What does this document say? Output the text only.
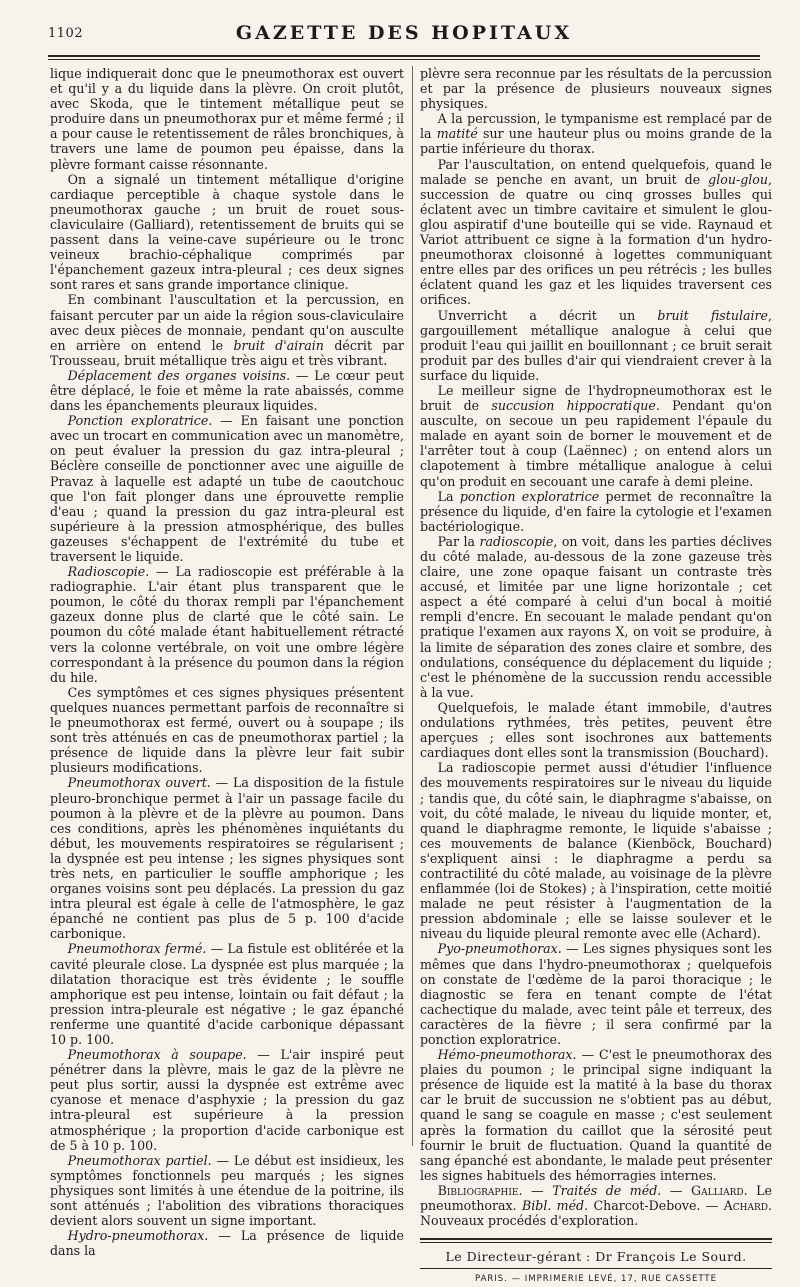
1102	GAZETTE DES HOPITAUX

lique indiquerait donc que le pneumothorax est ouvert et qu'il y a du liquide dans la plèvre. On croit plutôt, avec Skoda, que le tintement métallique peut se produire dans un pneumothorax pur et même fermé ; il a pour cause le retentissement de râles bronchiques, à travers une lame de poumon peu épaisse, dans la plèvre formant caisse résonnante.

On a signalé un tintement métallique d'origine cardiaque perceptible à chaque systole dans le pneumothorax gauche ; un bruit de rouet sous-claviculaire (Galliard), retentissement de bruits qui se passent dans la veine-cave supérieure ou le tronc veineux brachio-céphalique comprimés par l'épanchement gazeux intra-pleural ; ces deux signes sont rares et sans grande importance clinique.

En combinant l'auscultation et la percussion, en faisant percuter par un aide la région sous-claviculaire avec deux pièces de monnaie, pendant qu'on ausculte en arrière on entend le bruit d'airain décrit par Trousseau, bruit métallique très aigu et très vibrant.

Déplacement des organes voisins. — Le cœur peut être déplacé, le foie et même la rate abaissés, comme dans les épanchements pleuraux liquides.

Ponction exploratrice. — En faisant une ponction avec un trocart en communication avec un manomètre, on peut évaluer la pression du gaz intra-pleural ; Béclère conseille de ponctionner avec une aiguille de Pravaz à laquelle est adapté un tube de caoutchouc que l'on fait plonger dans une éprouvette remplie d'eau ; quand la pression du gaz intra-pleural est supérieure à la pression atmosphérique, des bulles gazeuses s'échappent de l'extrémité du tube et traversent le liquide.

Radioscopie. — La radioscopie est préférable à la radiographie. L'air étant plus transparent que le poumon, le côté du thorax rempli par l'épanchement gazeux donne plus de clarté que le côté sain. Le poumon du côté malade étant habituellement rétracté vers la colonne vertébrale, on voit une ombre légère correspondant à la présence du poumon dans la région du hile.

Ces symptômes et ces signes physiques présentent quelques nuances permettant parfois de reconnaître si le pneumothorax est fermé, ouvert ou à soupape ; ils sont très atténués en cas de pneumothorax partiel ; la présence de liquide dans la plèvre leur fait subir plusieurs modifications.

Pneumothorax ouvert. — La disposition de la fistule pleuro-bronchique permet à l'air un passage facile du poumon à la plèvre et de la plèvre au poumon. Dans ces conditions, après les phénomènes inquiétants du début, les mouvements respiratoires se régularisent ; la dyspnée est peu intense ; les signes physiques sont très nets, en particulier le souffle amphorique ; les organes voisins sont peu déplacés. La pression du gaz intra pleural est égale à celle de l'atmosphère, le gaz épanché ne contient pas plus de 5 p. 100 d'acide carbonique.

Pneumothorax fermé. — La fistule est oblitérée et la cavité pleurale close. La dyspnée est plus marquée ; la dilatation thoracique est très évidente ; le souffle amphorique est peu intense, lointain ou fait défaut ; la pression intra-pleurale est négative ; le gaz épanché renferme une quantité d'acide carbonique dépassant 10 p. 100.

Pneumothorax à soupape. — L'air inspiré peut pénétrer dans la plèvre, mais le gaz de la plèvre ne peut plus sortir, aussi la dyspnée est extrême avec cyanose et menace d'asphyxie ; la pression du gaz intra-pleural est supérieure à la pression atmosphérique ; la proportion d'acide carbonique est de 5 à 10 p. 100.

Pneumothorax partiel. — Le début est insidieux, les symptômes fonctionnels peu marqués ; les signes physiques sont limités à une étendue de la poitrine, ils sont atténués ; l'abolition des vibrations thoraciques devient alors souvent un signe important.

Hydro-pneumothorax. — La présence de liquide dans la

plèvre sera reconnue par les résultats de la percussion et par la présence de plusieurs nouveaux signes physiques.

A la percussion, le tympanisme est remplacé par de la matité sur une hauteur plus ou moins grande de la partie inférieure du thorax.

Par l'auscultation, on entend quelquefois, quand le malade se penche en avant, un bruit de glou-glou, succession de quatre ou cinq grosses bulles qui éclatent avec un timbre cavitaire et simulent le glou-glou aspiratif d'une bouteille qui se vide. Raynaud et Variot attribuent ce signe à la formation d'un hydro-pneumothorax cloisonné à logettes communiquant entre elles par des orifices un peu rétrécis ; les bulles éclatent quand les gaz et les liquides traversent ces orifices.

Unverricht a décrit un bruit fistulaire, gargouillement métallique analogue à celui que produit l'eau qui jaillit en bouillonnant ; ce bruit serait produit par des bulles d'air qui viendraient crever à la surface du liquide.

Le meilleur signe de l'hydropneumothorax est le bruit de succusion hippocratique. Pendant qu'on ausculte, on secoue un peu rapidement l'épaule du malade en ayant soin de borner le mouvement et de l'arrêter tout à coup (Laënnec) ; on entend alors un clapotement à timbre métallique analogue à celui qu'on produit en secouant une carafe à demi pleine.

La ponction exploratrice permet de reconnaître la présence du liquide, d'en faire la cytologie et l'examen bactériologique.

Par la radioscopie, on voit, dans les parties déclives du côté malade, au-dessous de la zone gazeuse très claire, une zone opaque faisant un contraste très accusé, et limitée par une ligne horizontale ; cet aspect a été comparé à celui d'un bocal à moitié rempli d'encre. En secouant le malade pendant qu'on pratique l'examen aux rayons X, on voit se produire, à la limite de séparation des zones claire et sombre, des ondulations, conséquence du déplacement du liquide ; c'est le phénomène de la succussion rendu accessible à la vue.

Quelquefois, le malade étant immobile, d'autres ondulations rythmées, très petites, peuvent être aperçues ; elles sont isochrones aux battements cardiaques dont elles sont la transmission (Bouchard).

La radioscopie permet aussi d'étudier l'influence des mouvements respiratoires sur le niveau du liquide ; tandis que, du côté sain, le diaphragme s'abaisse, on voit, du côté malade, le niveau du liquide monter, et, quand le diaphragme remonte, le liquide s'abaisse ; ces mouvements de balance (Kienböck, Bouchard) s'expliquent ainsi : le diaphragme a perdu sa contractilité du côté malade, au voisinage de la plèvre enflammée (loi de Stokes) ; à l'inspiration, cette moitié malade ne peut résister à l'augmentation de la pression abdominale ; elle se laisse soulever et le niveau du liquide pleural remonte avec elle (Achard).

Pyo-pneumothorax. — Les signes physiques sont les mêmes que dans l'hydro-pneumothorax ; quelquefois on constate de l'œdème de la paroi thoracique ; le diagnostic se fera en tenant compte de l'état cachectique du malade, avec teint pâle et terreux, des caractères de la fièvre ; il sera confirmé par la ponction exploratrice.

Hémo-pneumothorax. — C'est le pneumothorax des plaies du poumon ; le principal signe indiquant la présence de liquide est la matité à la base du thorax car le bruit de succussion ne s'obtient pas au début, quand le sang se coagule en masse ; c'est seulement après la formation du caillot que la sérosité peut fournir le bruit de fluctuation. Quand la quantité de sang épanché est abondante, le malade peut présenter les signes habituels des hémorragies internes.

Bibliographie. — Traités de méd. — Galliard. Le pneumothorax. Bibl. méd. Charcot-Debove. — Achard. Nouveaux procédés d'exploration.

Le Directeur-gérant : Dr François Le Sourd.

PARIS. — IMPRIMERIE LEVÉ, 17, RUE CASSETTE
